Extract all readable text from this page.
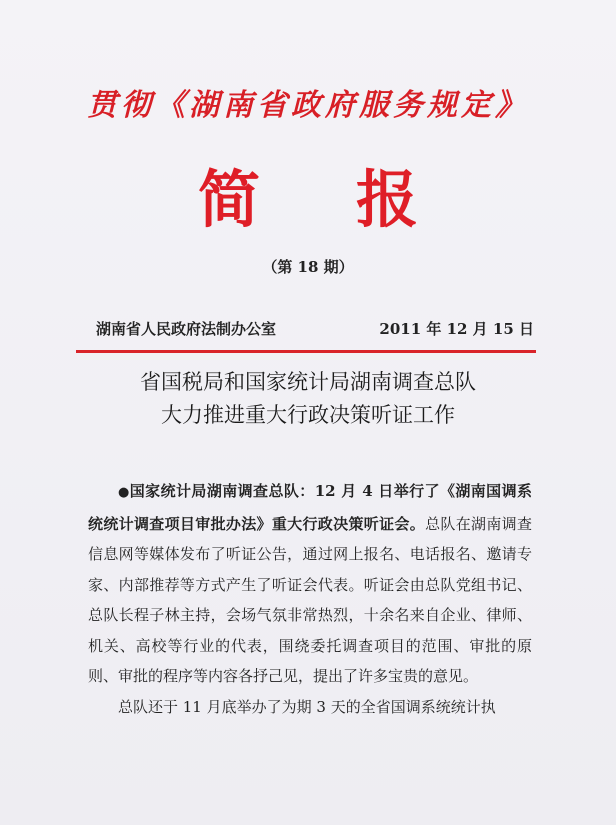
贯彻《湖南省政府服务规定》
简 报
（第 18 期）
湖南省人民政府法制办公室	2011 年 12 月 15 日
省国税局和国家统计局湖南调查总队
大力推进重大行政决策听证工作

●国家统计局湖南调查总队：12 月 4 日举行了《湖南国调系统统计调查项目审批办法》重大行政决策听证会。总队在湖南调查信息网等媒体发布了听证公告，通过网上报名、电话报名、邀请专家、内部推荐等方式产生了听证会代表。听证会由总队党组书记、总队长程子林主持，会场气氛非常热烈，十余名来自企业、律师、机关、高校等行业的代表，围绕委托调查项目的范围、审批的原则、审批的程序等内容各抒己见，提出了许多宝贵的意见。

总队还于 11 月底举办了为期 3 天的全省国调系统统计执
